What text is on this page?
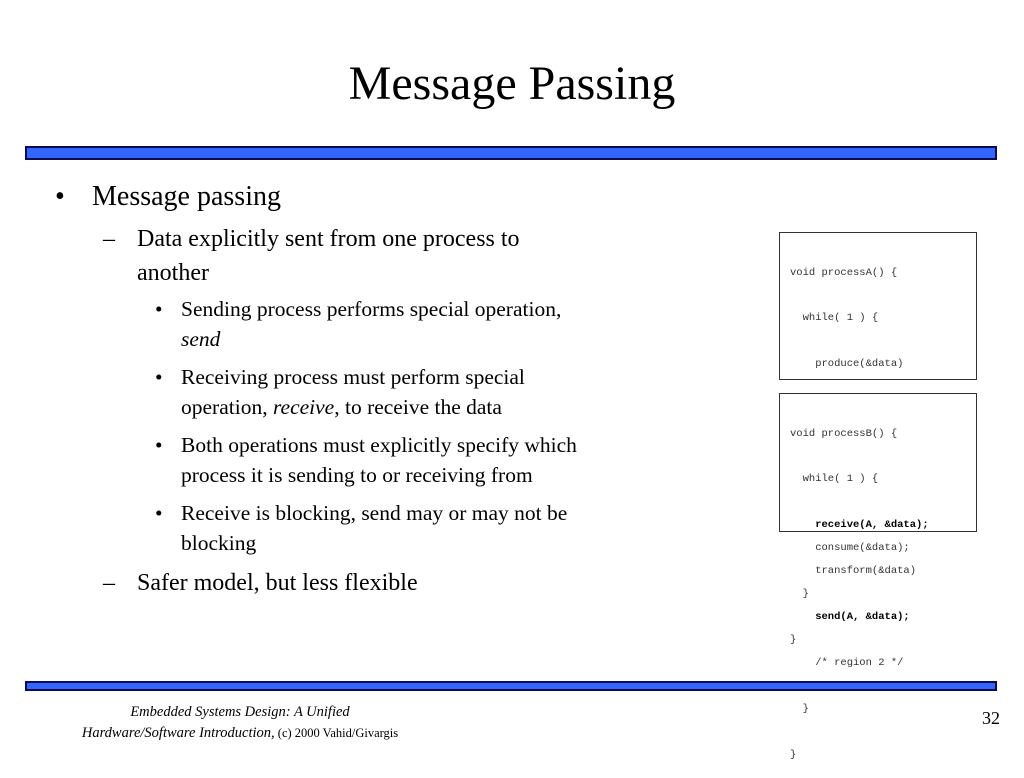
Message Passing
• Message passing
– Data explicitly sent from one process to
another
• Sending process performs special operation,
send
• Receiving process must perform special
operation, receive, to receive the data
• Both operations must explicitly specify which
process it is sending to or receiving from
• Receive is blocking, send may or may not be
blocking
– Safer model, but less flexible

void processA() {

while( 1 ) {

produce(&data)

consume(&data);

}

}

void processB() {

while( 1 ) {

receive(A, &data);

transform(&data)

send(A, &data);

/* region 2 */

}

}

Embedded Systems Design: A Unified
Hardware/Software Introduction, (c) 2000 Vahid/Givargis
32
